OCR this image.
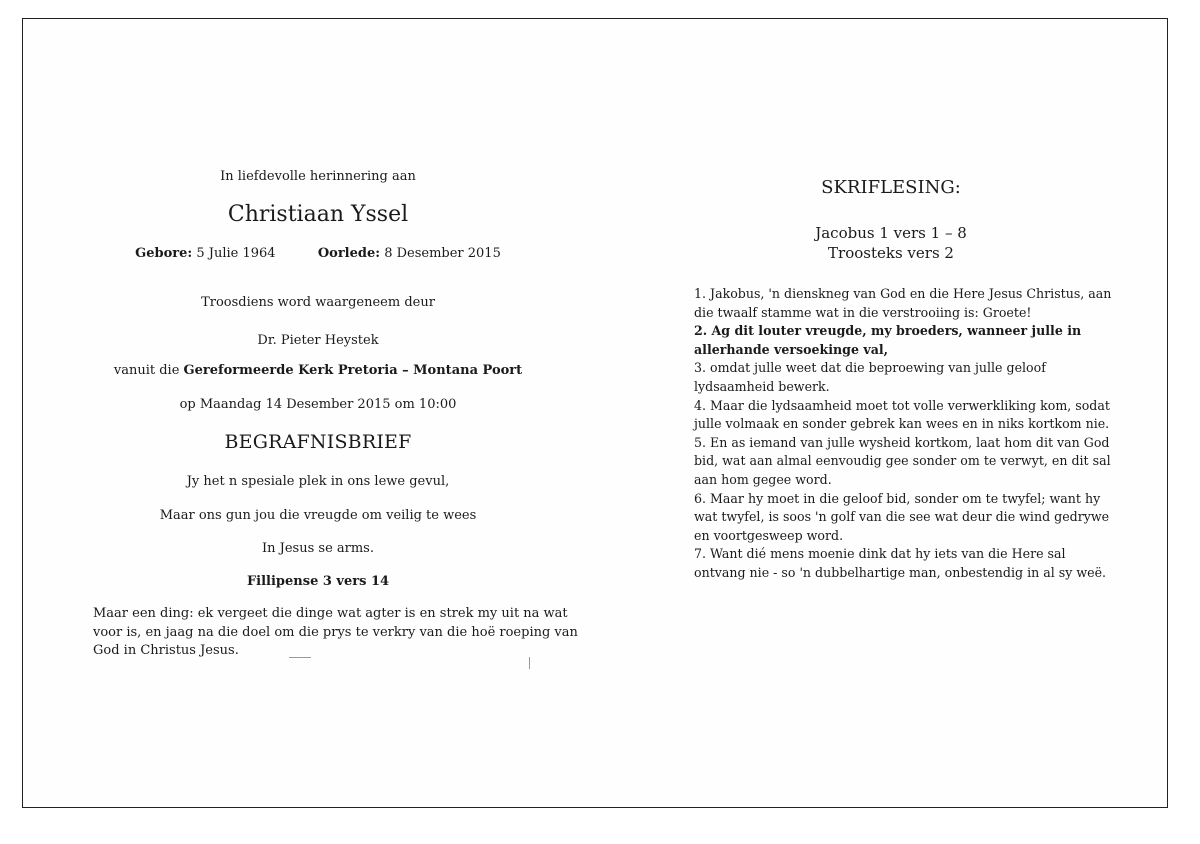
In liefdevolle herinnering aan
Christiaan Yssel
Gebore: 5 Julie 1964	Oorlede: 8 Desember 2015
Troosdiens word waargeneem deur
Dr. Pieter Heystek
vanuit die Gereformeerde Kerk Pretoria – Montana Poort
op Maandag 14 Desember 2015 om 10:00
BEGRAFNISBRIEF
Jy het n spesiale plek in ons lewe gevul,
Maar ons gun jou die vreugde om veilig te wees
In Jesus se arms.
Fillipense 3 vers 14
Maar een ding: ek vergeet die dinge wat agter is en strek my uit na wat voor is, en jaag na die doel om die prys te verkry van die hoë roeping van God in Christus Jesus.
SKRIFLESING:
Jacobus 1 vers 1 – 8
Troosteks vers 2

1. Jakobus, 'n dienskneg van God en die Here Jesus Christus, aan die twaalf stamme wat in die verstrooiing is: Groete!

2. Ag dit louter vreugde, my broeders, wanneer julle in allerhande versoekinge val,

3. omdat julle weet dat die beproewing van julle geloof lydsaamheid bewerk.

4. Maar die lydsaamheid moet tot volle verwerkliking kom, sodat julle volmaak en sonder gebrek kan wees en in niks kortkom nie.

5. En as iemand van julle wysheid kortkom, laat hom dit van God bid, wat aan almal eenvoudig gee sonder om te verwyt, en dit sal aan hom gegee word.

6. Maar hy moet in die geloof bid, sonder om te twyfel; want hy wat twyfel, is soos 'n golf van die see wat deur die wind gedrywe en voortgesweep word.

7. Want dié mens moenie dink dat hy iets van die Here sal ontvang nie - so 'n dubbelhartige man, onbestendig in al sy weë.
